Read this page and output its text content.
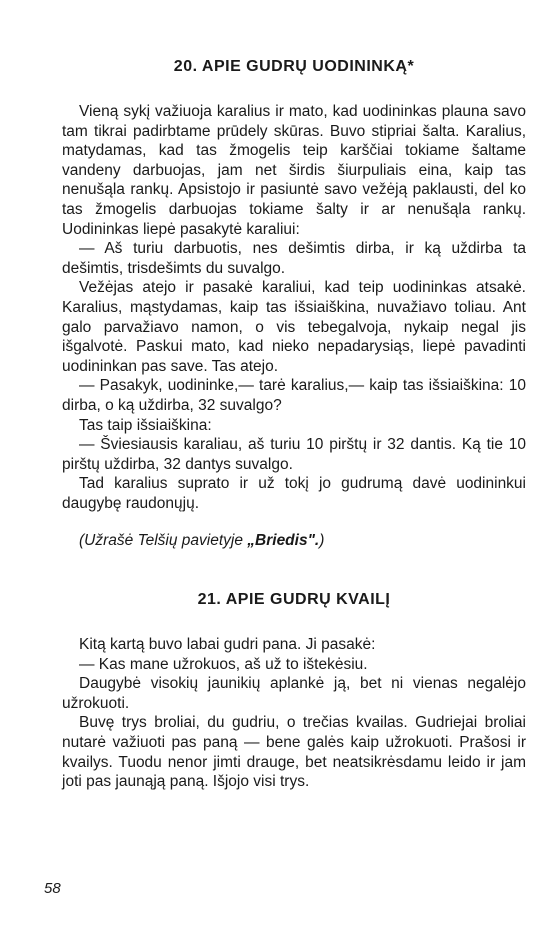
20. APIE GUDRŲ UODININKĄ*

Vieną sykį važiuoja karalius ir mato, kad uodininkas plauna savo tam tikrai padirbtame prūdely skūras. Buvo stipriai šalta. Karalius, matydamas, kad tas žmogelis teip karščiai tokiame šaltame vandeny darbuojas, jam net širdis šiurpuliais eina, kaip tas nenušąla rankų. Apsistojo ir pasiuntė savo vežėją paklausti, del ko tas žmogelis darbuojas tokiame šalty ir ar nenušąla rankų. Uodininkas liepė pasakytė karaliui:

— Aš turiu darbuotis, nes dešimtis dirba, ir ką uždirba ta dešimtis, trisdešimts du suvalgo.

Vežėjas atejo ir pasakė karaliui, kad teip uodininkas atsakė. Karalius, mąstydamas, kaip tas išsiaiškina, nuvažiavo toliau. Ant galo parvažiavo namon, o vis tebegalvoja, nykaip negal jis išgalvotė. Paskui mato, kad nieko nepadarysiąs, liepė pavadinti uodininkan pas save. Tas atejo.

— Pasakyk, uodininke,— tarė karalius,— kaip tas išsiaiškina: 10 dirba, o ką uždirba, 32 suvalgo?

Tas taip išsiaiškina:

— Šviesiausis karaliau, aš turiu 10 pirštų ir 32 dantis. Ką tie 10 pirštų uždirba, 32 dantys suvalgo.

Tad karalius suprato ir už tokį jo gudrumą davė uodininkui daugybę raudonųjų.

(Užrašė Telšių pavietyje „Briedis".)

21. APIE GUDRŲ KVAILĮ

Kitą kartą buvo labai gudri pana. Ji pasakė:

— Kas mane užrokuos, aš už to ištekėsiu.

Daugybė visokių jaunikių aplankė ją, bet ni vienas negalėjo užrokuoti.

Buvę trys broliai, du gudriu, o trečias kvailas. Gudriejai broliai nutarė važiuoti pas paną — bene galės kaip užrokuoti. Prašosi ir kvailys. Tuodu nenor jimti drauge, bet neatsikrėsdamu leido ir jam joti pas jaunąją paną. Išjojo visi trys.

58
